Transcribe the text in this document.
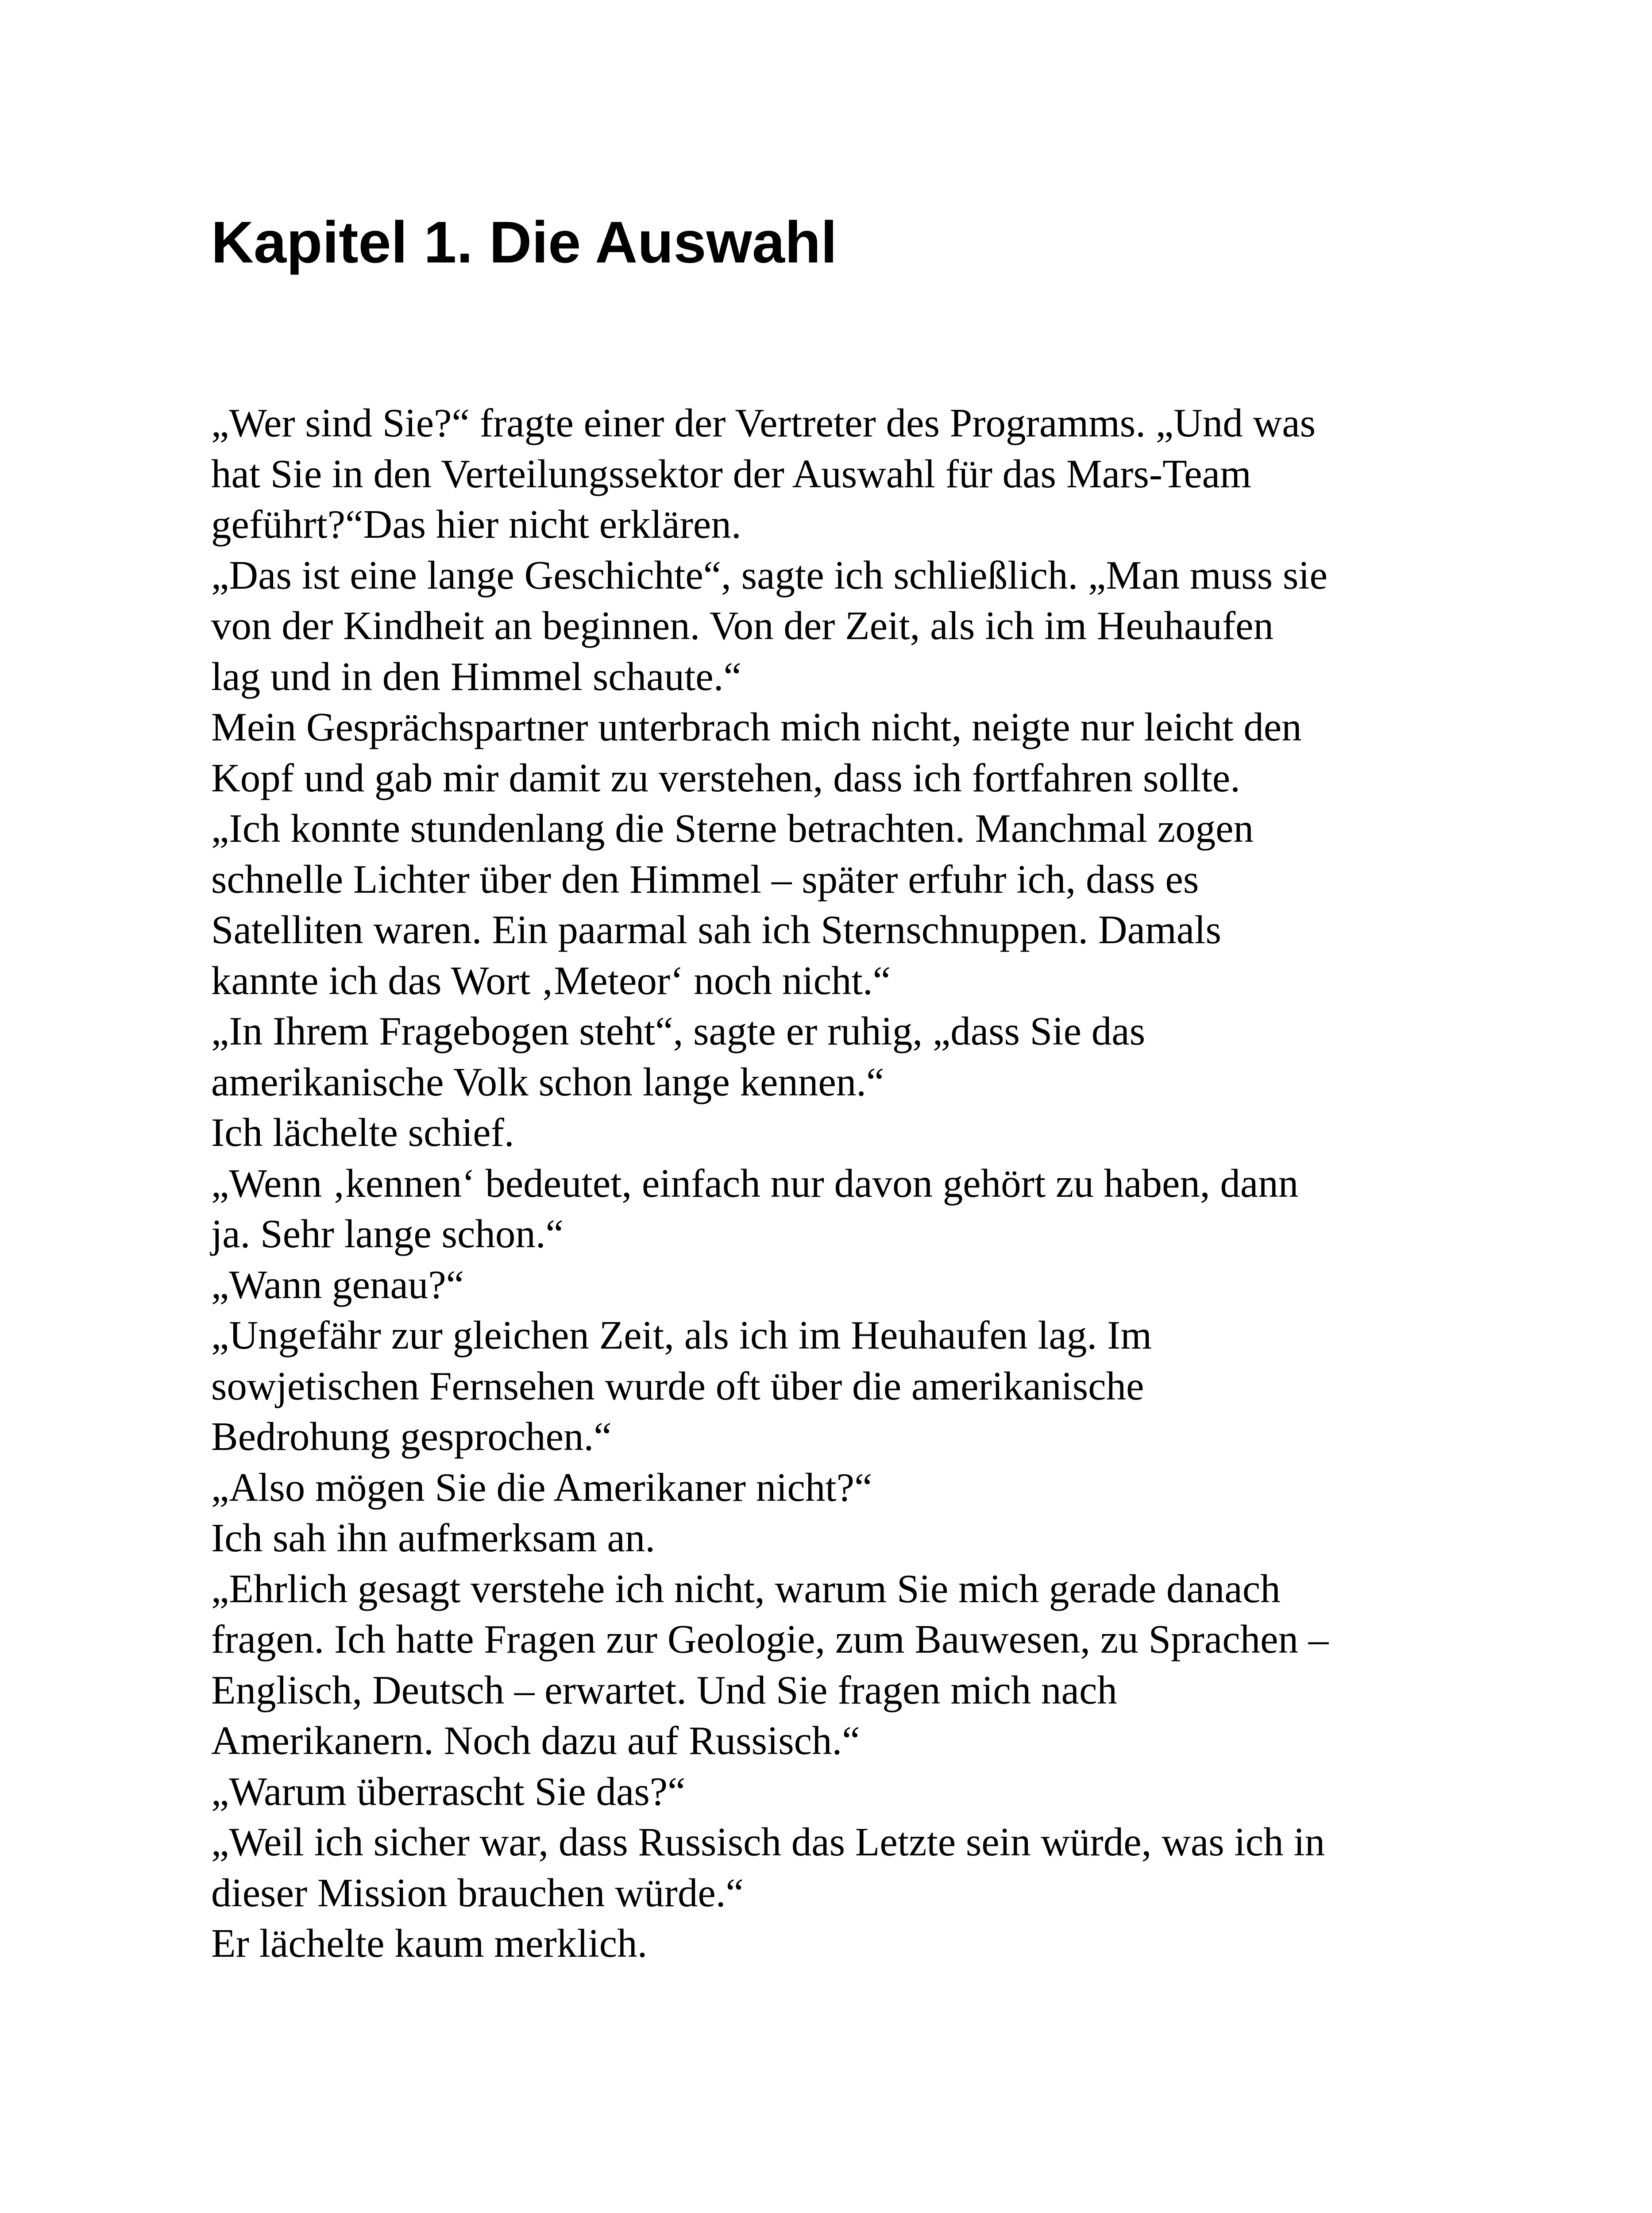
Kapitel 1. Die Auswahl
„Wer sind Sie?“ fragte einer der Vertreter des Programms. „Und was
hat Sie in den Verteilungssektor der Auswahl für das Mars-Team
geführt?“Das hier nicht erklären.
„Das ist eine lange Geschichte“, sagte ich schließlich. „Man muss sie
von der Kindheit an beginnen. Von der Zeit, als ich im Heuhaufen
lag und in den Himmel schaute.“
Mein Gesprächspartner unterbrach mich nicht, neigte nur leicht den
Kopf und gab mir damit zu verstehen, dass ich fortfahren sollte.
„Ich konnte stundenlang die Sterne betrachten. Manchmal zogen
schnelle Lichter über den Himmel – später erfuhr ich, dass es
Satelliten waren. Ein paarmal sah ich Sternschnuppen. Damals
kannte ich das Wort ‚Meteor‘ noch nicht.“
„In Ihrem Fragebogen steht“, sagte er ruhig, „dass Sie das
amerikanische Volk schon lange kennen.“
Ich lächelte schief.
„Wenn ‚kennen‘ bedeutet, einfach nur davon gehört zu haben, dann
ja. Sehr lange schon.“
„Wann genau?“
„Ungefähr zur gleichen Zeit, als ich im Heuhaufen lag. Im
sowjetischen Fernsehen wurde oft über die amerikanische
Bedrohung gesprochen.“
„Also mögen Sie die Amerikaner nicht?“
Ich sah ihn aufmerksam an.
„Ehrlich gesagt verstehe ich nicht, warum Sie mich gerade danach
fragen. Ich hatte Fragen zur Geologie, zum Bauwesen, zu Sprachen –
Englisch, Deutsch – erwartet. Und Sie fragen mich nach
Amerikanern. Noch dazu auf Russisch.“
„Warum überrascht Sie das?“
„Weil ich sicher war, dass Russisch das Letzte sein würde, was ich in
dieser Mission brauchen würde.“
Er lächelte kaum merklich.
